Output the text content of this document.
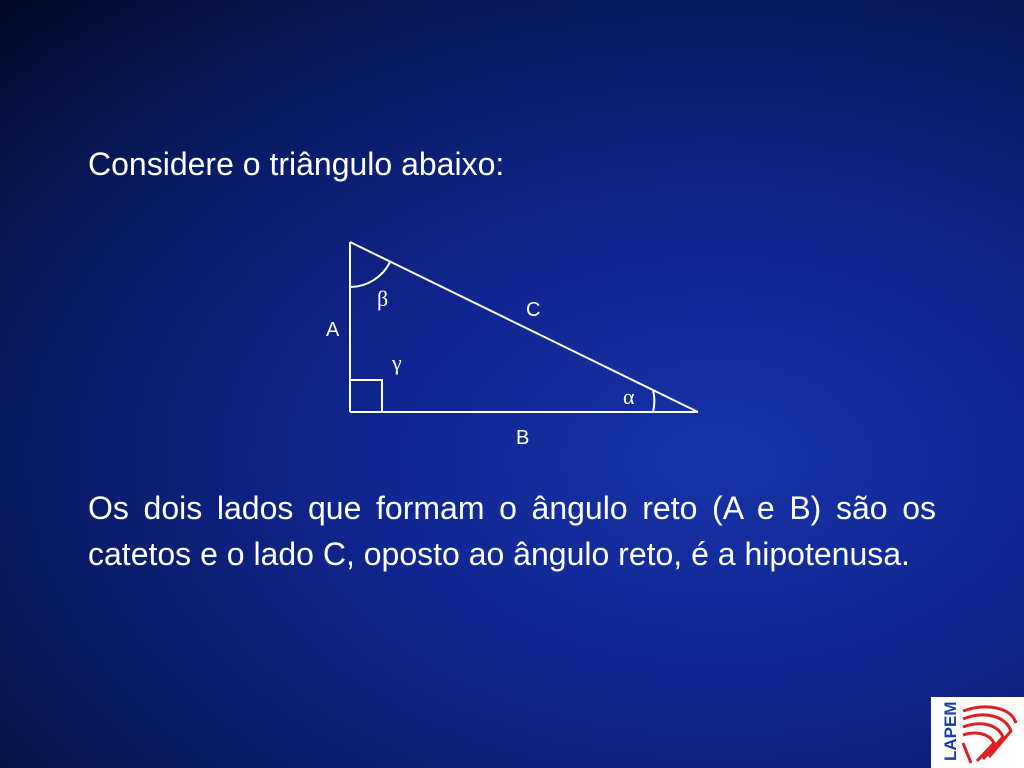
Considere o triângulo abaixo:

A
B
C
β
γ
α

Os dois lados que formam o ângulo reto (A e B) são os catetos e o lado C, oposto ao ângulo reto, é a hipotenusa.

LAPEM
